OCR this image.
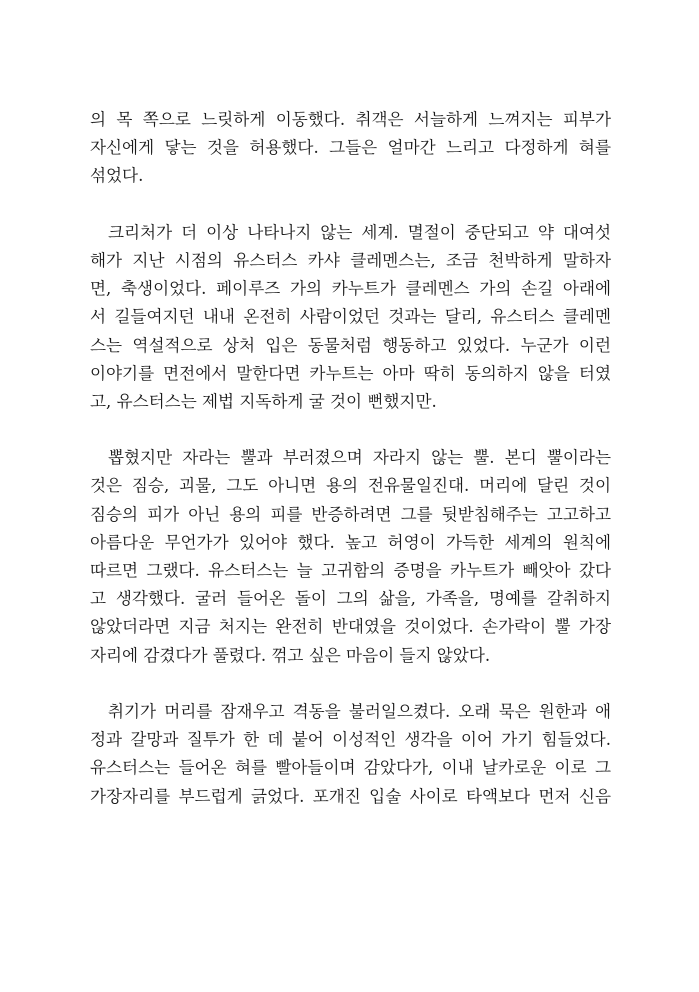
의 목 쪽으로 느릿하게 이동했다. 취객은 서늘하게 느껴지는 피부가
자신에게 닿는 것을 허용했다. 그들은 얼마간 느리고 다정하게 혀를
섞었다.

크리처가 더 이상 나타나지 않는 세계. 멸절이 중단되고 약 대여섯
해가 지난 시점의 유스터스 카샤 클레멘스는, 조금 천박하게 말하자
면, 축생이었다. 페이루즈 가의 카누트가 클레멘스 가의 손길 아래에
서 길들여지던 내내 온전히 사람이었던 것과는 달리, 유스터스 클레멘
스는 역설적으로 상처 입은 동물처럼 행동하고 있었다. 누군가 이런
이야기를 면전에서 말한다면 카누트는 아마 딱히 동의하지 않을 터였
고, 유스터스는 제법 지독하게 굴 것이 뻔했지만.

뽑혔지만 자라는 뿔과 부러졌으며 자라지 않는 뿔. 본디 뿔이라는
것은 짐승, 괴물, 그도 아니면 용의 전유물일진대. 머리에 달린 것이
짐승의 피가 아닌 용의 피를 반증하려면 그를 뒷받침해주는 고고하고
아름다운 무언가가 있어야 했다. 높고 허영이 가득한 세계의 원칙에
따르면 그랬다. 유스터스는 늘 고귀함의 증명을 카누트가 빼앗아 갔다
고 생각했다. 굴러 들어온 돌이 그의 삶을, 가족을, 명예를 갈취하지
않았더라면 지금 처지는 완전히 반대였을 것이었다. 손가락이 뿔 가장
자리에 감겼다가 풀렸다. 꺾고 싶은 마음이 들지 않았다.

취기가 머리를 잠재우고 격동을 불러일으켰다. 오래 묵은 원한과 애
정과 갈망과 질투가 한 데 붙어 이성적인 생각을 이어 가기 힘들었다.
유스터스는 들어온 혀를 빨아들이며 감았다가, 이내 날카로운 이로 그
가장자리를 부드럽게 긁었다. 포개진 입술 사이로 타액보다 먼저 신음
